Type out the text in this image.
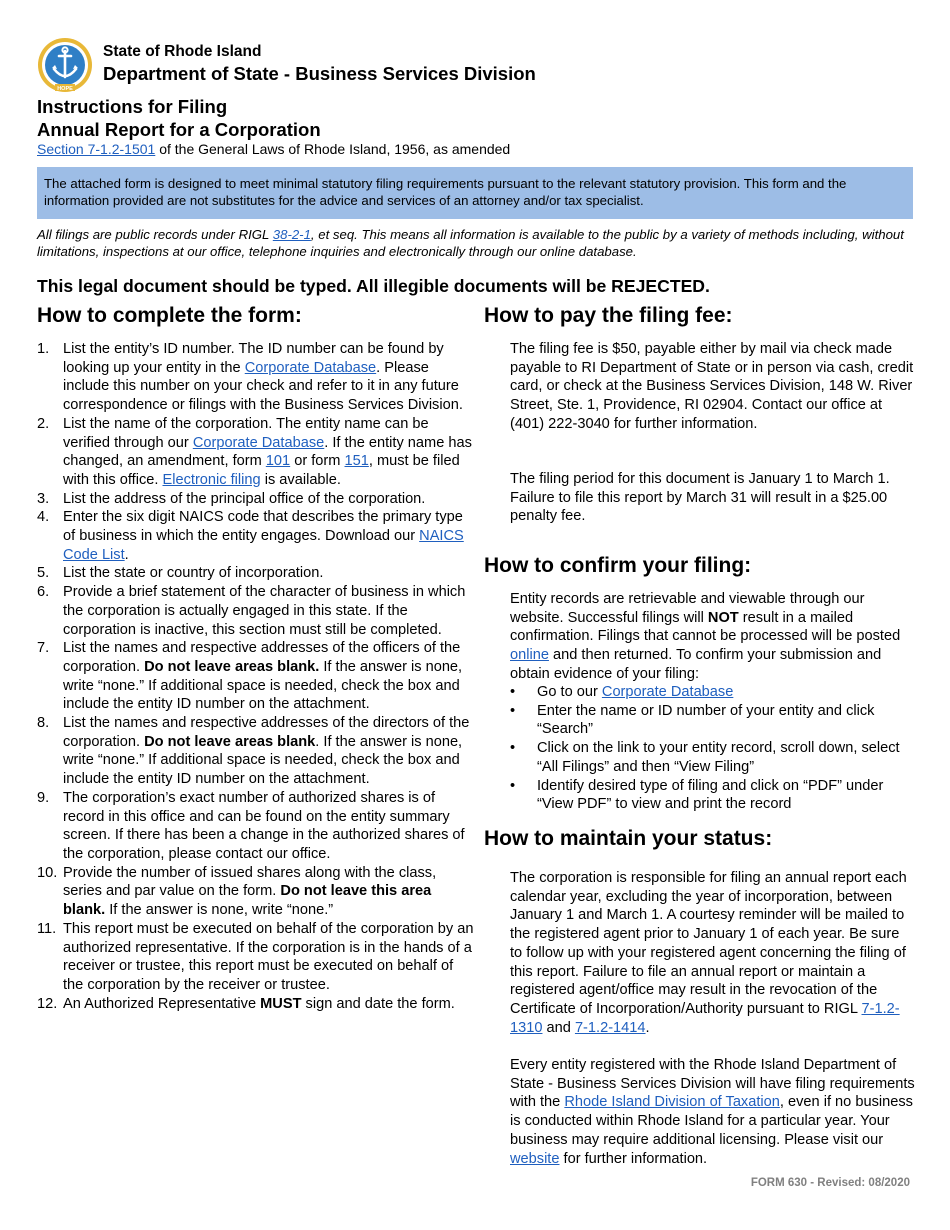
HOPE
State of Rhode Island
Department of State - Business Services Division
Instructions for Filing
Annual Report for a Corporation
Section 7-1.2-1501 of the General Laws of Rhode Island, 1956, as amended
The attached form is designed to meet minimal statutory filing requirements pursuant to the relevant statutory provision. This form and the information provided are not substitutes for the advice and services of an attorney and/or tax specialist.
All filings are public records under RIGL 38-2-1, et seq. This means all information is available to the public by a variety of methods including, without limitations, inspections at our office, telephone inquiries and electronically through our online database.
This legal document should be typed. All illegible documents will be REJECTED.
How to complete the form:
1. List the entity’s ID number. The ID number can be found by looking up your entity in the Corporate Database. Please include this number on your check and refer to it in any future correspondence or filings with the Business Services Division.
2. List the name of the corporation. The entity name can be verified through our Corporate Database. If the entity name has changed, an amendment, form 101 or form 151, must be filed with this office. Electronic filing is available.
3. List the address of the principal office of the corporation.
4. Enter the six digit NAICS code that describes the primary type of business in which the entity engages. Download our NAICS Code List.
5. List the state or country of incorporation.
6. Provide a brief statement of the character of business in which the corporation is actually engaged in this state. If the corporation is inactive, this section must still be completed.
7. List the names and respective addresses of the officers of the corporation. Do not leave areas blank. If the answer is none, write “none.” If additional space is needed, check the box and include the entity ID number on the attachment.
8. List the names and respective addresses of the directors of the corporation. Do not leave areas blank. If the answer is none, write “none.” If additional space is needed, check the box and include the entity ID number on the attachment.
9. The corporation’s exact number of authorized shares is of record in this office and can be found on the entity summary screen. If there has been a change in the authorized shares of the corporation, please contact our office.
10. Provide the number of issued shares along with the class, series and par value on the form. Do not leave this area blank. If the answer is none, write “none.”
11. This report must be executed on behalf of the corporation by an authorized representative. If the corporation is in the hands of a receiver or trustee, this report must be executed on behalf of the corporation by the receiver or trustee.
12. An Authorized Representative MUST sign and date the form.
How to pay the filing fee:

The filing fee is $50, payable either by mail via check made payable to RI Department of State or in person via cash, credit card, or check at the Business Services Division, 148 W. River Street, Ste. 1, Providence, RI 02904. Contact our office at (401) 222-3040 for further information.

The filing period for this document is January 1 to March 1. Failure to file this report by March 31 will result in a $25.00 penalty fee.

How to confirm your filing:

Entity records are retrievable and viewable through our website. Successful filings will NOT result in a mailed confirmation. Filings that cannot be processed will be posted online and then returned. To confirm your submission and obtain evidence of your filing:

• Go to our Corporate Database
• Enter the name or ID number of your entity and click “Search”
• Click on the link to your entity record, scroll down, select “All Filings” and then “View Filing”
• Identify desired type of filing and click on “PDF” under “View PDF” to view and print the record
How to maintain your status:

The corporation is responsible for filing an annual report each calendar year, excluding the year of incorporation, between January 1 and March 1. A courtesy reminder will be mailed to the registered agent prior to January 1 of each year. Be sure to follow up with your registered agent concerning the filing of this report. Failure to file an annual report or maintain a registered agent/office may result in the revocation of the Certificate of Incorporation/Authority pursuant to RIGL 7-1.2-1310 and 7-1.2-1414.

Every entity registered with the Rhode Island Department of State - Business Services Division will have filing requirements with the Rhode Island Division of Taxation, even if no business is conducted within Rhode Island for a particular year. Your business may require additional licensing. Please visit our website for further information.

FORM 630 - Revised: 08/2020
